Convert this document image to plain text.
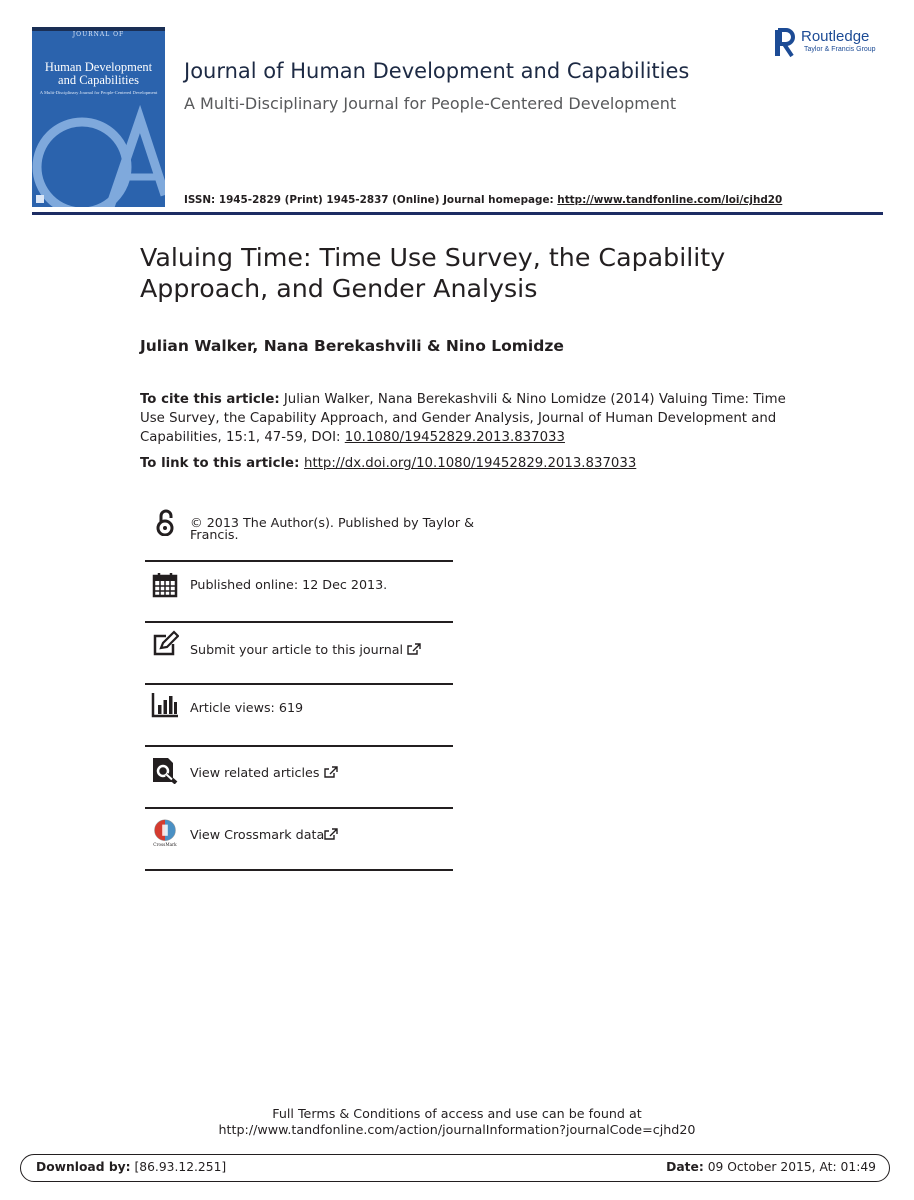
JOURNAL OF
Human Development
and Capabilities
A Multi-Disciplinary Journal for People-Centered Development
Routledge
Taylor & Francis Group
Journal of Human Development and Capabilities
A Multi-Disciplinary Journal for People-Centered Development
ISSN: 1945-2829 (Print) 1945-2837 (Online) Journal homepage: http://www.tandfonline.com/loi/cjhd20
Valuing Time: Time Use Survey, the Capability Approach, and Gender Analysis
Julian Walker, Nana Berekashvili & Nino Lomidze
To cite this article: Julian Walker, Nana Berekashvili & Nino Lomidze (2014) Valuing Time: Time Use Survey, the Capability Approach, and Gender Analysis, Journal of Human Development and Capabilities, 15:1, 47-59, DOI: 10.1080/19452829.2013.837033
To link to this article: http://dx.doi.org/10.1080/19452829.2013.837033
© 2013 The Author(s). Published by Taylor &
Francis.
Published online: 12 Dec 2013.
Submit your article to this journal
Article views: 619
View related articles
CrossMark
View Crossmark data
Full Terms & Conditions of access and use can be found at
http://www.tandfonline.com/action/journalInformation?journalCode=cjhd20
Download by: [86.93.12.251]	Date: 09 October 2015, At: 01:49
